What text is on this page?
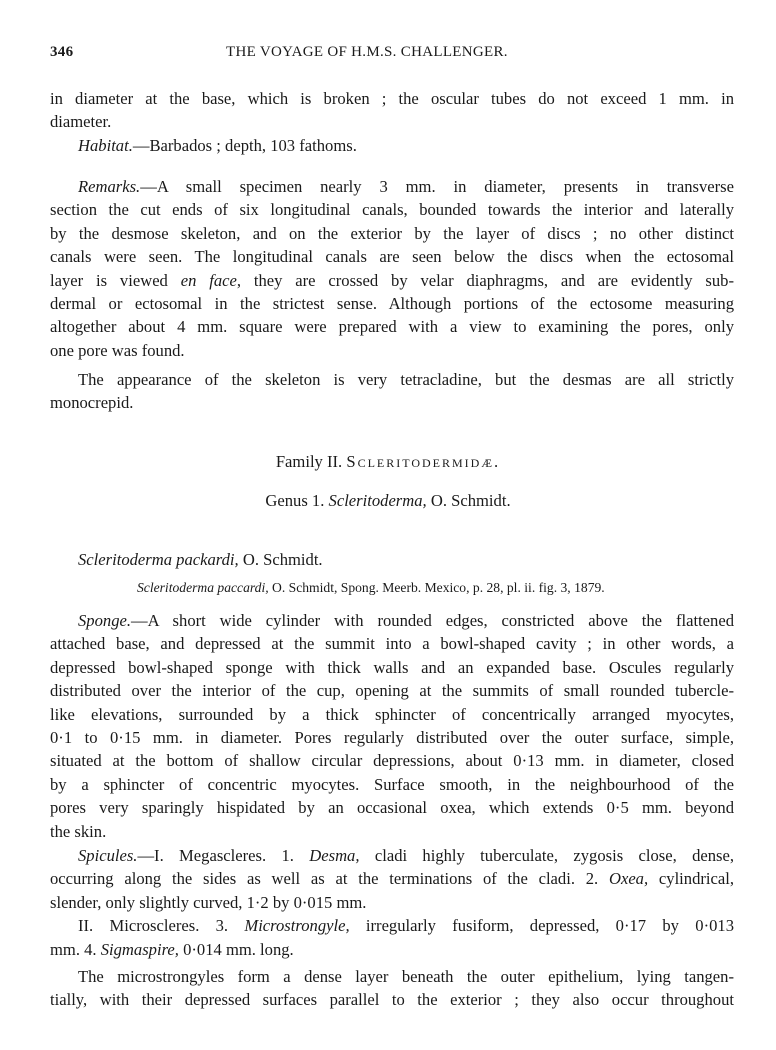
346	THE VOYAGE OF H.M.S. CHALLENGER.
in diameter at the base, which is broken ; the oscular tubes do not exceed 1 mm. in
diameter.
Habitat.—Barbados ; depth, 103 fathoms.
Remarks.—A small specimen nearly 3 mm. in diameter, presents in transverse
section the cut ends of six longitudinal canals, bounded towards the interior and laterally
by the desmose skeleton, and on the exterior by the layer of discs ; no other distinct
canals were seen. The longitudinal canals are seen below the discs when the ectosomal
layer is viewed en face, they are crossed by velar diaphragms, and are evidently sub-
dermal or ectosomal in the strictest sense. Although portions of the ectosome measuring
altogether about 4 mm. square were prepared with a view to examining the pores, only
one pore was found.
The appearance of the skeleton is very tetracladine, but the desmas are all strictly
monocrepid.
Family II. Scleritodermidæ.
Genus 1. Scleritoderma, O. Schmidt.
Scleritoderma packardi, O. Schmidt.
Scleritoderma paccardi, O. Schmidt, Spong. Meerb. Mexico, p. 28, pl. ii. fig. 3, 1879.
Sponge.—A short wide cylinder with rounded edges, constricted above the flattened
attached base, and depressed at the summit into a bowl-shaped cavity ; in other words, a
depressed bowl-shaped sponge with thick walls and an expanded base. Oscules regularly
distributed over the interior of the cup, opening at the summits of small rounded tubercle-
like elevations, surrounded by a thick sphincter of concentrically arranged myocytes,
0·1 to 0·15 mm. in diameter. Pores regularly distributed over the outer surface, simple,
situated at the bottom of shallow circular depressions, about 0·13 mm. in diameter, closed
by a sphincter of concentric myocytes. Surface smooth, in the neighbourhood of the
pores very sparingly hispidated by an occasional oxea, which extends 0·5 mm. beyond
the skin.
Spicules.—I. Megascleres. 1. Desma, cladi highly tuberculate, zygosis close, dense,
occurring along the sides as well as at the terminations of the cladi. 2. Oxea, cylindrical,
slender, only slightly curved, 1·2 by 0·015 mm.
II. Microscleres. 3. Microstrongyle, irregularly fusiform, depressed, 0·17 by 0·013
mm. 4. Sigmaspire, 0·014 mm. long.
The microstrongyles form a dense layer beneath the outer epithelium, lying tangen-
tially, with their depressed surfaces parallel to the exterior ; they also occur throughout
